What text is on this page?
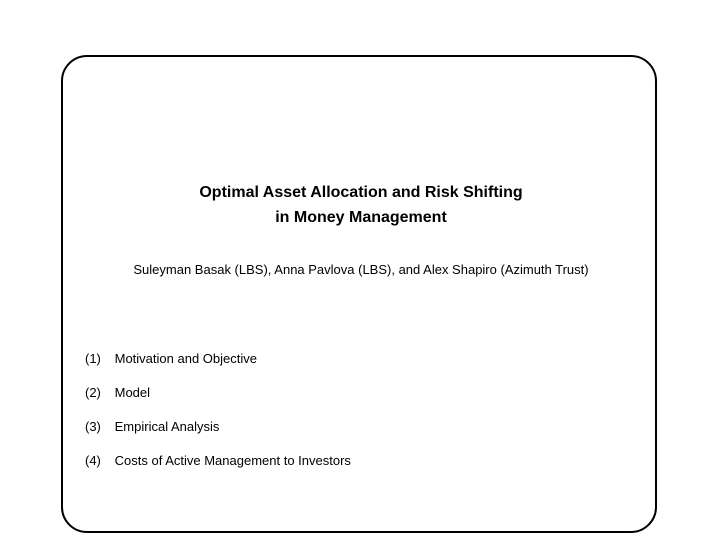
Optimal Asset Allocation and Risk Shifting
in Money Management
Suleyman Basak (LBS), Anna Pavlova (LBS), and Alex Shapiro (Azimuth Trust)
(1) Motivation and Objective
(2) Model
(3) Empirical Analysis
(4) Costs of Active Management to Investors
